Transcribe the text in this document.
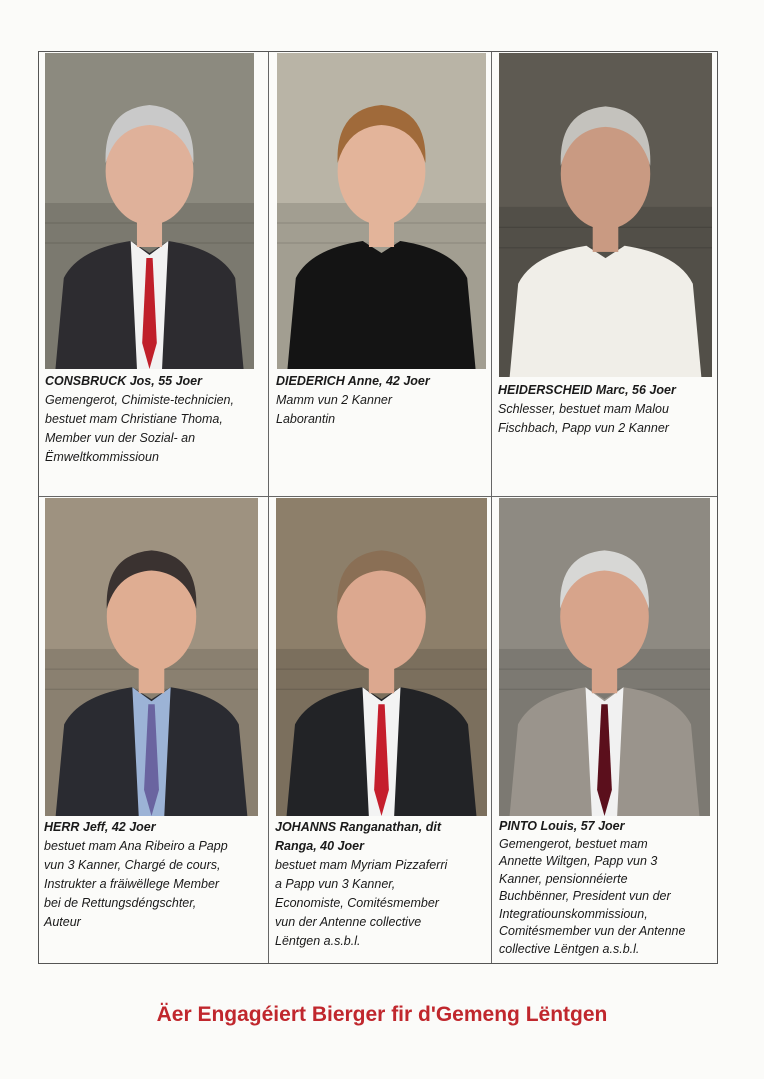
CONSBRUCK Jos, 55 Joer
Gemengerot, Chimiste-technicien,
bestuet mam Christiane Thoma,
Member vun der Sozial- an
Ëmweltkommissioun
DIEDERICH Anne, 42 Joer
Mamm vun 2 Kanner
Laborantin
HEIDERSCHEID Marc, 56 Joer
Schlesser, bestuet mam Malou
Fischbach, Papp vun 2 Kanner
HERR Jeff, 42 Joer
bestuet mam Ana Ribeiro a Papp
vun 3 Kanner, Chargé de cours,
Instrukter a fräiwëllege Member
bei de Rettungsdéngschter,
Auteur
JOHANNS Ranganathan, dit
Ranga, 40 Joer
bestuet mam Myriam Pizzaferri
a Papp vun 3 Kanner,
Economiste, Comitésmember
vun der Antenne collective
Lëntgen a.s.b.l.
PINTO Louis, 57 Joer
Gemengerot, bestuet mam
Annette Wiltgen, Papp vun 3
Kanner, pensionnéierte
Buchbënner, President vun der
Integratiounskommissioun,
Comitésmember vun der Antenne
collective Lëntgen a.s.b.l.
Äer Engagéiert Bierger fir d'Gemeng Lëntgen
